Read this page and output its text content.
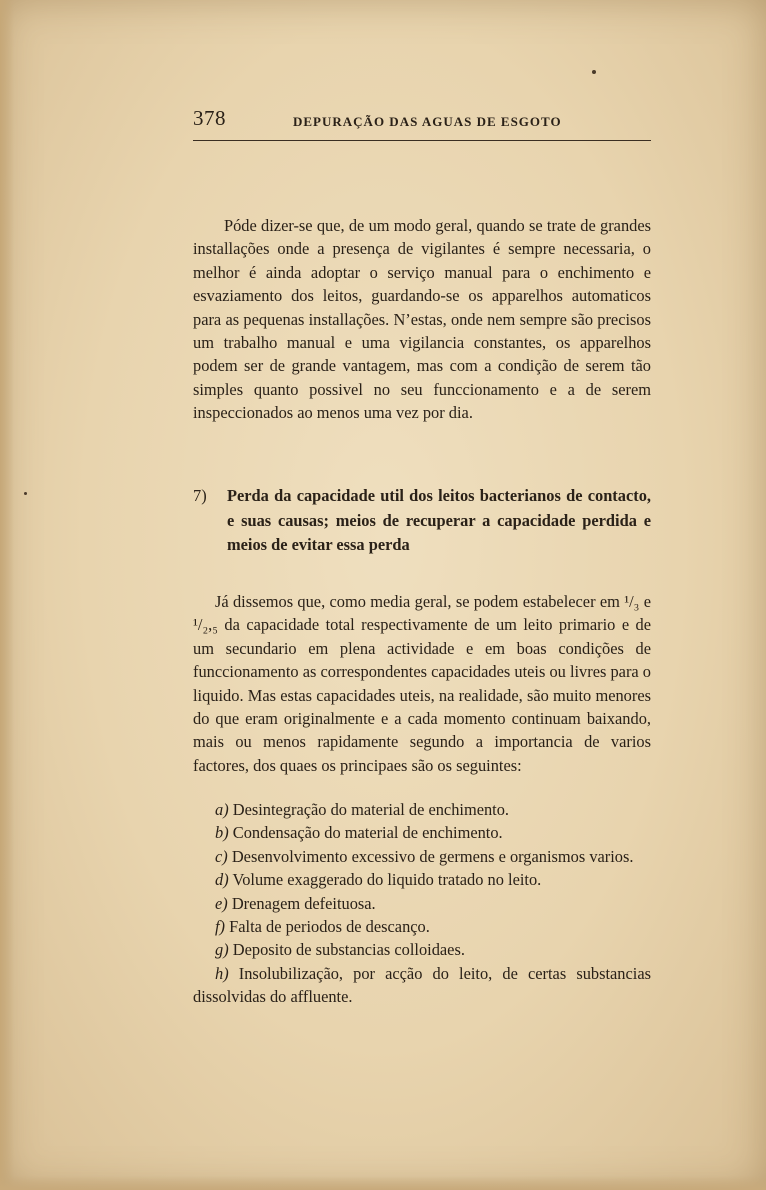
378	DEPURAÇÃO DAS AGUAS DE ESGOTO
Póde dizer-se que, de um modo geral, quando se trate de grandes installações onde a presença de vigilantes é sempre necessaria, o melhor é ainda adoptar o serviço manual para o enchimento e esvaziamento dos leitos, guardando-se os apparelhos automaticos para as pequenas installações. N’estas, onde nem sempre são precisos um trabalho manual e uma vigilancia constantes, os apparelhos podem ser de grande vantagem, mas com a condição de serem tão simples quanto possivel no seu funccionamento e a de serem inspeccionados ao menos uma vez por dia.
7) Perda da capacidade util dos leitos bacterianos de contacto, e suas causas; meios de recuperar a capacidade perdida e meios de evitar essa perda
Já dissemos que, como media geral, se podem estabelecer em ¹/₃ e ¹/₂,₅ da capacidade total respectivamente de um leito primario e de um secundario em plena actividade e em boas condições de funccionamento as correspondentes capacidades uteis ou livres para o liquido. Mas estas capacidades uteis, na realidade, são muito menores do que eram originalmente e a cada momento continuam baixando, mais ou menos rapidamente segundo a importancia de varios factores, dos quaes os principaes são os seguintes:
a) Desintegração do material de enchimento.
b) Condensação do material de enchimento.
c) Desenvolvimento excessivo de germens e organismos varios.
d) Volume exaggerado do liquido tratado no leito.
e) Drenagem defeituosa.
f) Falta de periodos de descanço.
g) Deposito de substancias colloidaes.
h) Insolubilização, por acção do leito, de certas substancias dissolvidas do affluente.
